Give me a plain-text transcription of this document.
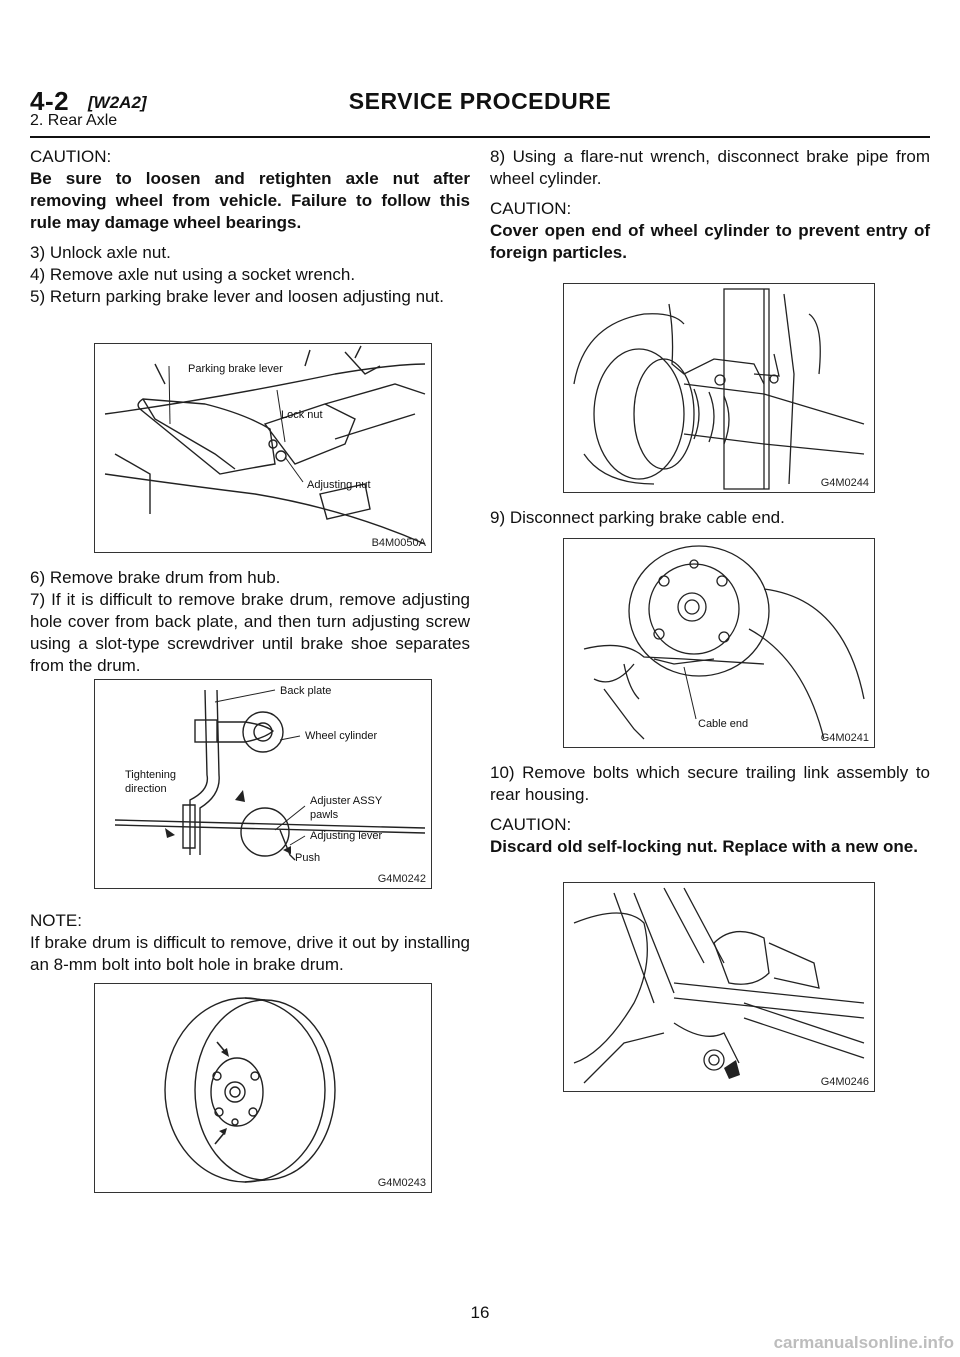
4-2 [W2A2]	SERVICE PROCEDURE
2. Rear Axle

CAUTION:

Be sure to loosen and retighten axle nut after removing wheel from vehicle. Failure to follow this rule may damage wheel bearings.

3) Unlock axle nut.

4) Remove axle nut using a socket wrench.

5) Return parking brake lever and loosen adjusting nut.

Parking brake lever
Lock nut
Adjusting nut
B4M0050A

6) Remove brake drum from hub.

7) If it is difficult to remove brake drum, remove adjusting hole cover from back plate, and then turn adjusting screw using a slot-type screwdriver until brake shoe separates from the drum.

Back plate
Wheel cylinder
Tightening
direction
Adjuster ASSY
pawls
Adjusting lever
Push
G4M0242

NOTE:

If brake drum is difficult to remove, drive it out by installing an 8-mm bolt into bolt hole in brake drum.

G4M0243

8) Using a flare-nut wrench, disconnect brake pipe from wheel cylinder.

CAUTION:

Cover open end of wheel cylinder to prevent entry of foreign particles.

G4M0244

9) Disconnect parking brake cable end.

Cable end
G4M0241

10) Remove bolts which secure trailing link assembly to rear housing.

CAUTION:

Discard old self-locking nut. Replace with a new one.

G4M0246
16
carmanualsonline.info
